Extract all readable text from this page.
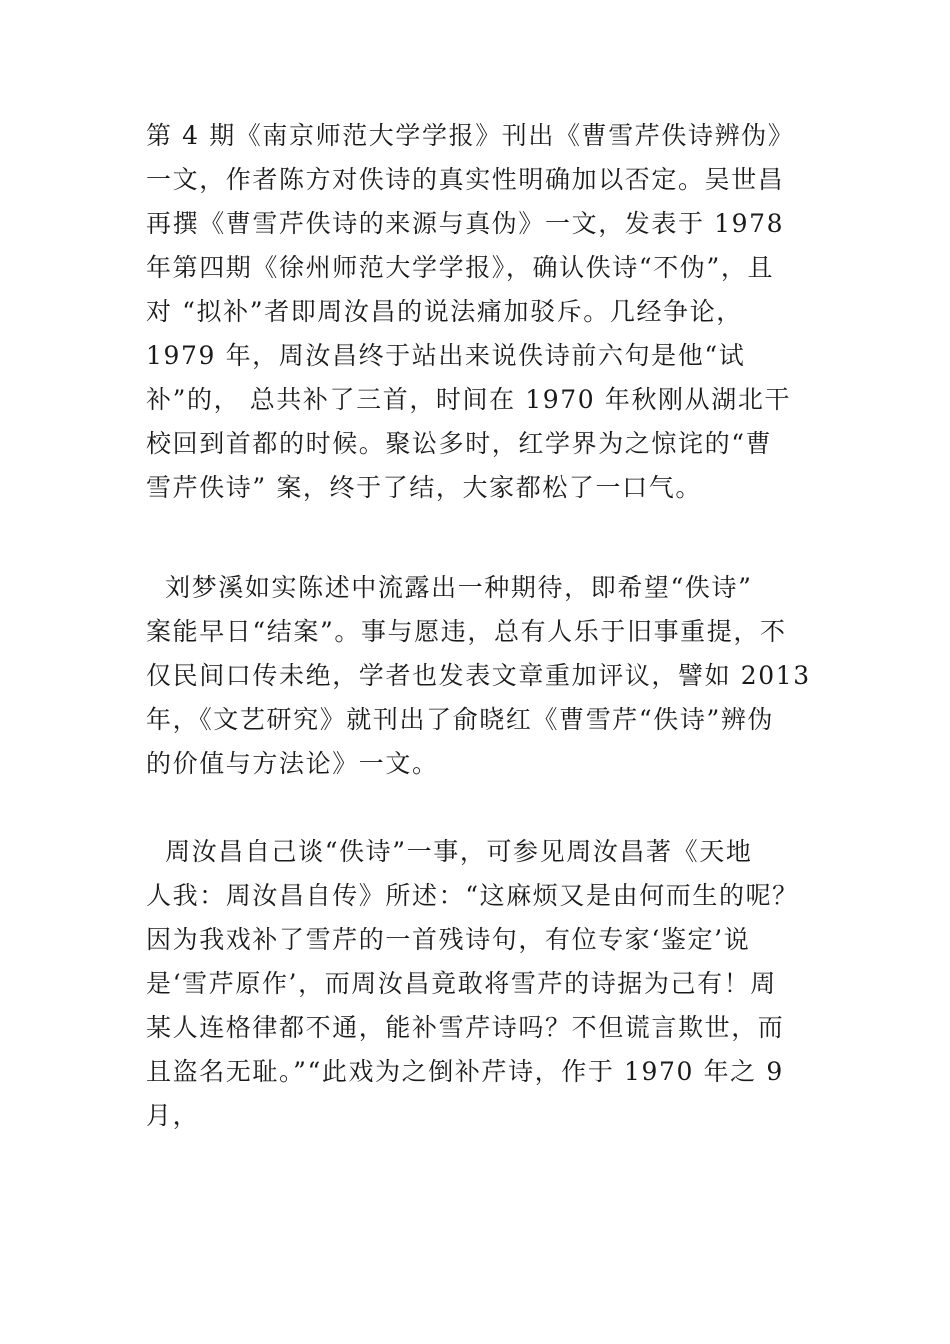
第 4 期《南京师范大学学报》刊出《曹雪芹佚诗辨伪》
一文，作者陈方对佚诗的真实性明确加以否定。吴世昌
再撰《曹雪芹佚诗的来源与真伪》一文，发表于 1978
年第四期《徐州师范大学学报》，确认佚诗“不伪”，且
对 “拟补”者即周汝昌的说法痛加驳斥。几经争论，
1979 年，周汝昌终于站出来说佚诗前六句是他“试
补”的， 总共补了三首，时间在 1970 年秋刚从湖北干
校回到首都的时候。聚讼多时，红学界为之惊诧的“曹
雪芹佚诗” 案，终于了结，大家都松了一口气。

刘梦溪如实陈述中流露出一种期待，即希望“佚诗”
案能早日“结案”。事与愿违，总有人乐于旧事重提，不
仅民间口传未绝，学者也发表文章重加评议，譬如 2013
年，《文艺研究》就刊出了俞晓红《曹雪芹“佚诗”辨伪
的价值与方法论》一文。

周汝昌自己谈“佚诗”一事，可参见周汝昌著《天地
人我：周汝昌自传》所述：“这麻烦又是由何而生的呢？
因为我戏补了雪芹的一首残诗句，有位专家‘鉴定’说
是‘雪芹原作’，而周汝昌竟敢将雪芹的诗据为己有！周
某人连格律都不通，能补雪芹诗吗？不但谎言欺世，而
且盗名无耻。”“此戏为之倒补芹诗，作于 1970 年之 9
月，
